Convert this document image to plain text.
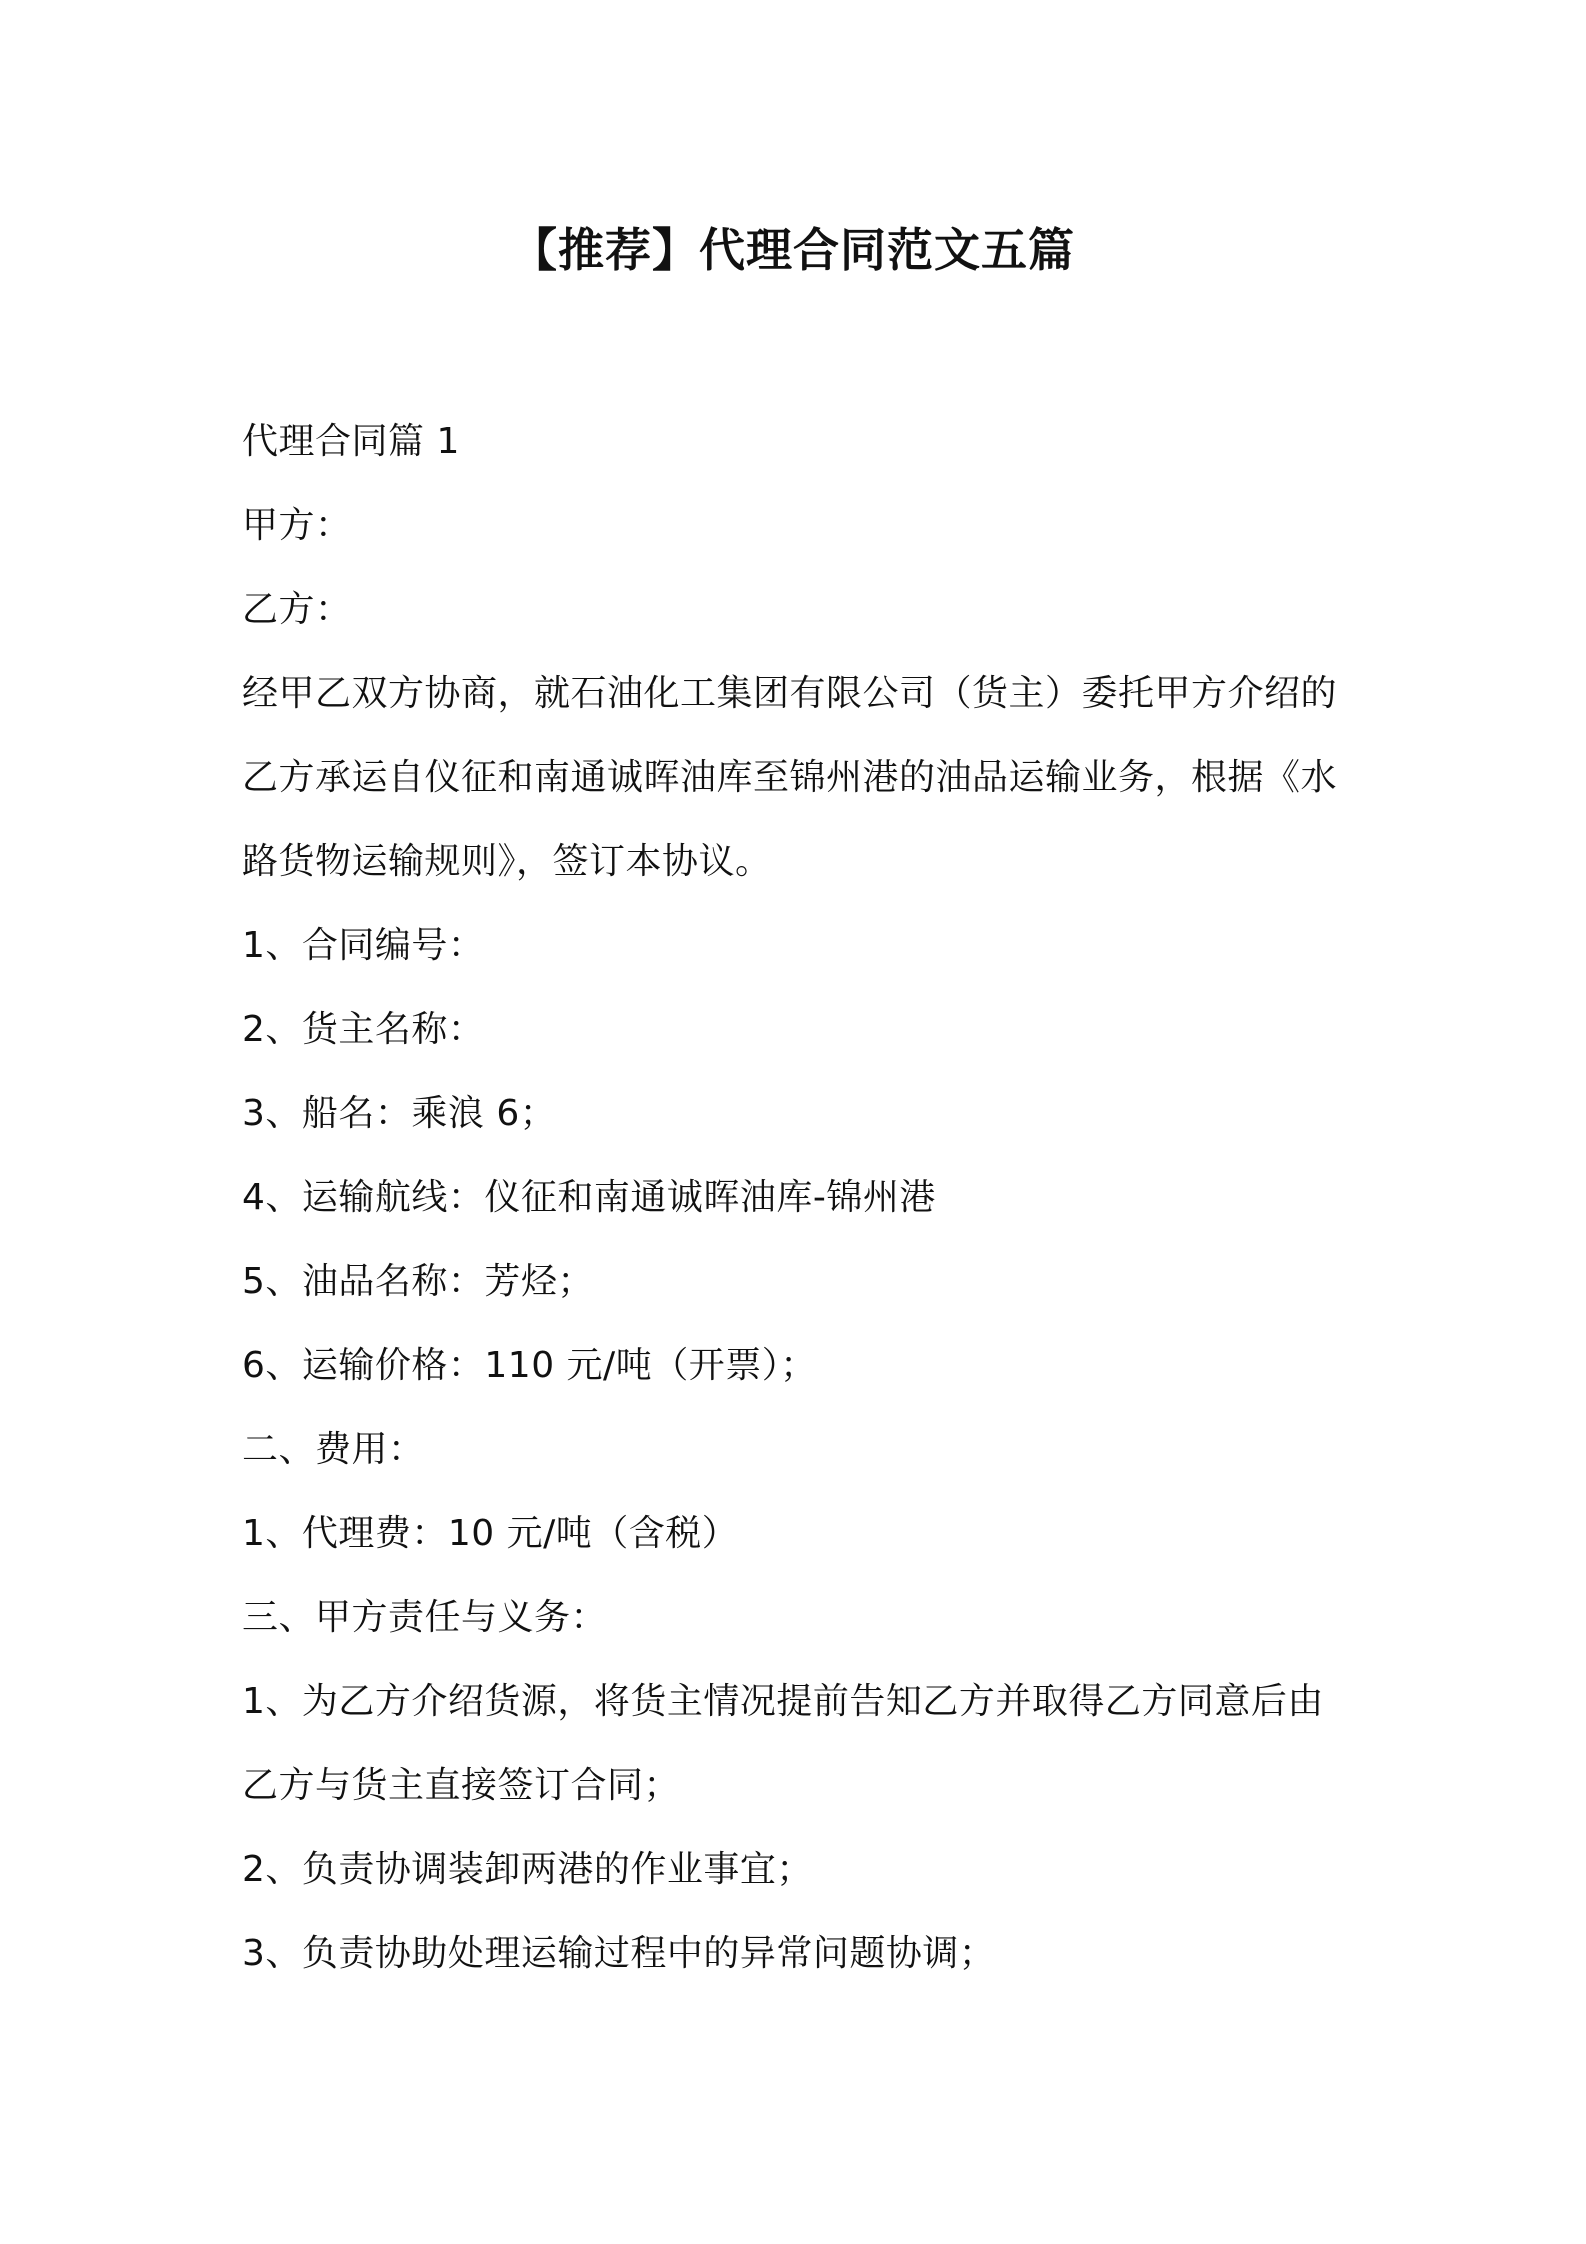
【推荐】代理合同范文五篇
代理合同篇 1
甲方：
乙方：
经甲乙双方协商，就石油化工集团有限公司（货主）委托甲方介绍的
乙方承运自仪征和南通诚晖油库至锦州港的油品运输业务，根据《水
路货物运输规则》，签订本协议。
1、合同编号：
2、货主名称：
3、船名：乘浪 6；
4、运输航线：仪征和南通诚晖油库-锦州港
5、油品名称：芳烃；
6、运输价格：110 元/吨（开票）；
二、费用：
1、代理费：10 元/吨（含税）
三、甲方责任与义务：
1、为乙方介绍货源，将货主情况提前告知乙方并取得乙方同意后由
乙方与货主直接签订合同；
2、负责协调装卸两港的作业事宜；
3、负责协助处理运输过程中的异常问题协调；
